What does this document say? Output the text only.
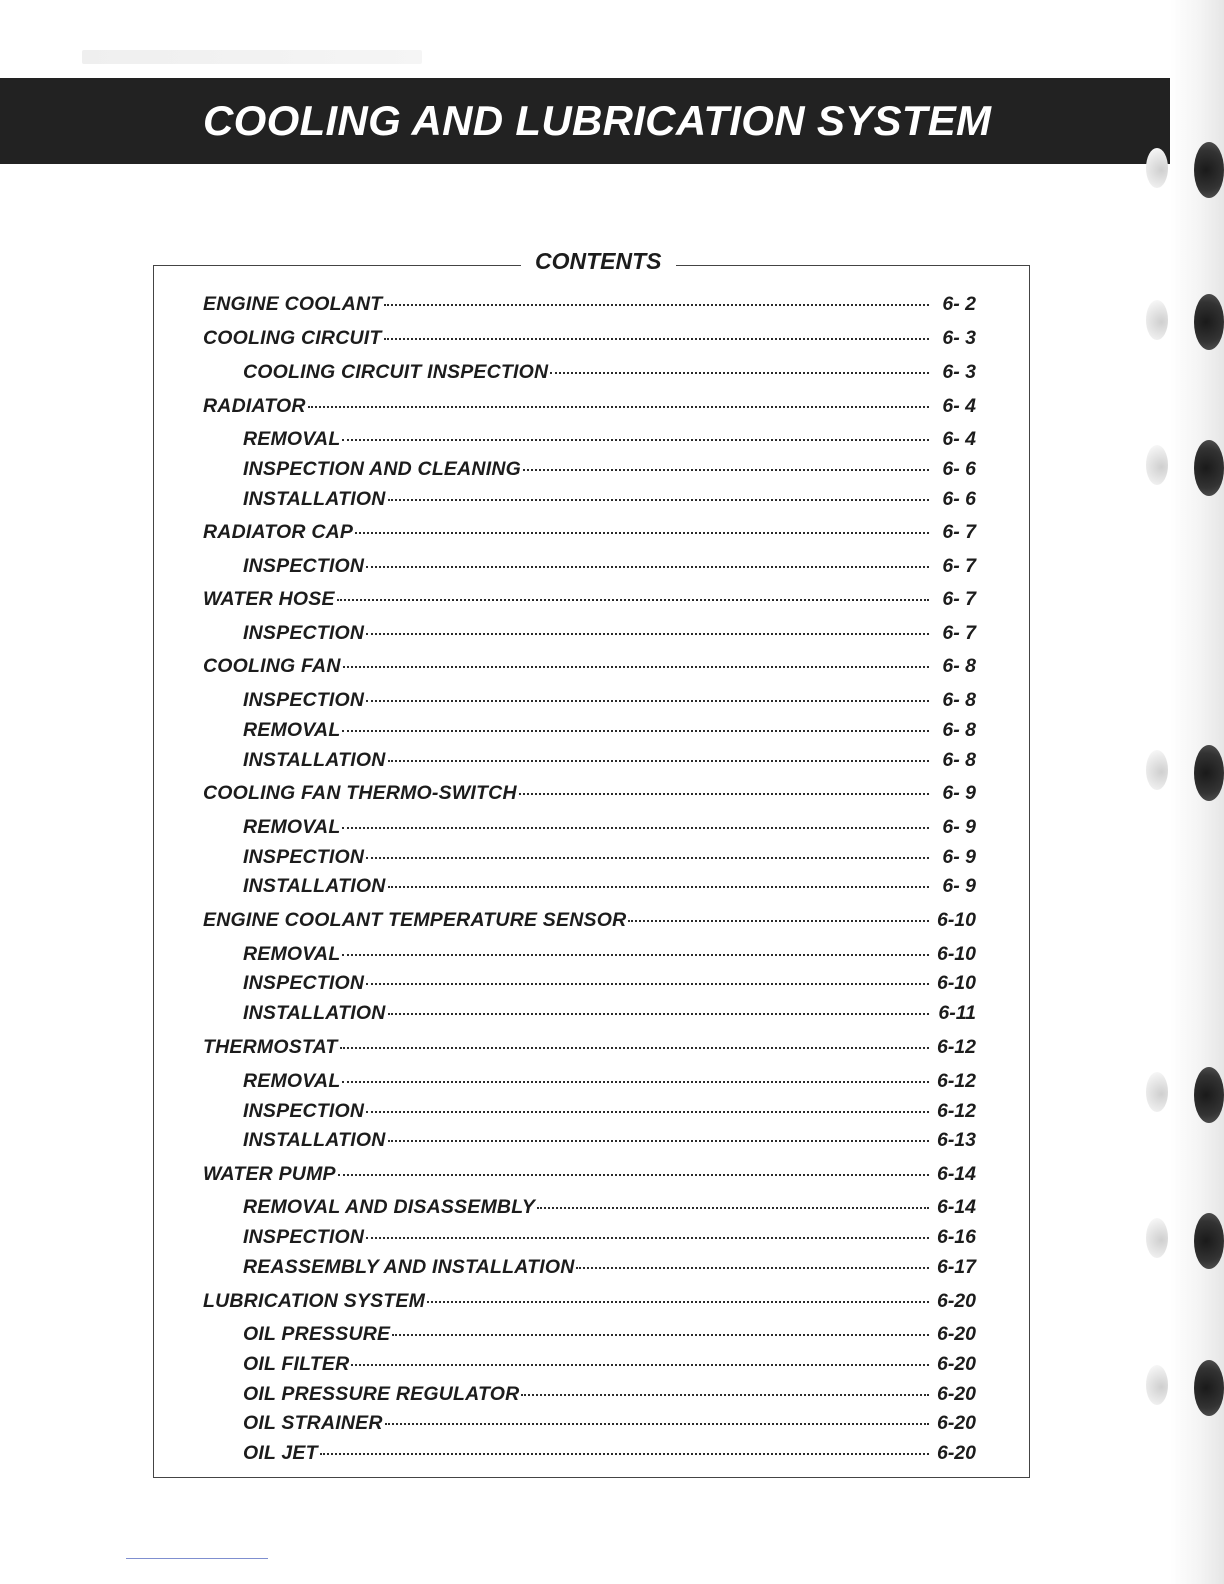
COOLING AND LUBRICATION SYSTEM
CONTENTS
ENGINE COOLANT	6- 2
COOLING CIRCUIT	6- 3
COOLING CIRCUIT INSPECTION	6- 3
RADIATOR	6- 4
REMOVAL	6- 4
INSPECTION AND CLEANING	6- 6
INSTALLATION	6- 6
RADIATOR CAP	6- 7
INSPECTION	6- 7
WATER HOSE	6- 7
INSPECTION	6- 7
COOLING FAN	6- 8
INSPECTION	6- 8
REMOVAL	6- 8
INSTALLATION	6- 8
COOLING FAN THERMO-SWITCH	6- 9
REMOVAL	6- 9
INSPECTION	6- 9
INSTALLATION	6- 9
ENGINE COOLANT TEMPERATURE SENSOR	6-10
REMOVAL	6-10
INSPECTION	6-10
INSTALLATION	6-11
THERMOSTAT	6-12
REMOVAL	6-12
INSPECTION	6-12
INSTALLATION	6-13
WATER PUMP	6-14
REMOVAL AND DISASSEMBLY	6-14
INSPECTION	6-16
REASSEMBLY AND INSTALLATION	6-17
LUBRICATION SYSTEM	6-20
OIL PRESSURE	6-20
OIL FILTER	6-20
OIL PRESSURE REGULATOR	6-20
OIL STRAINER	6-20
OIL JET	6-20
